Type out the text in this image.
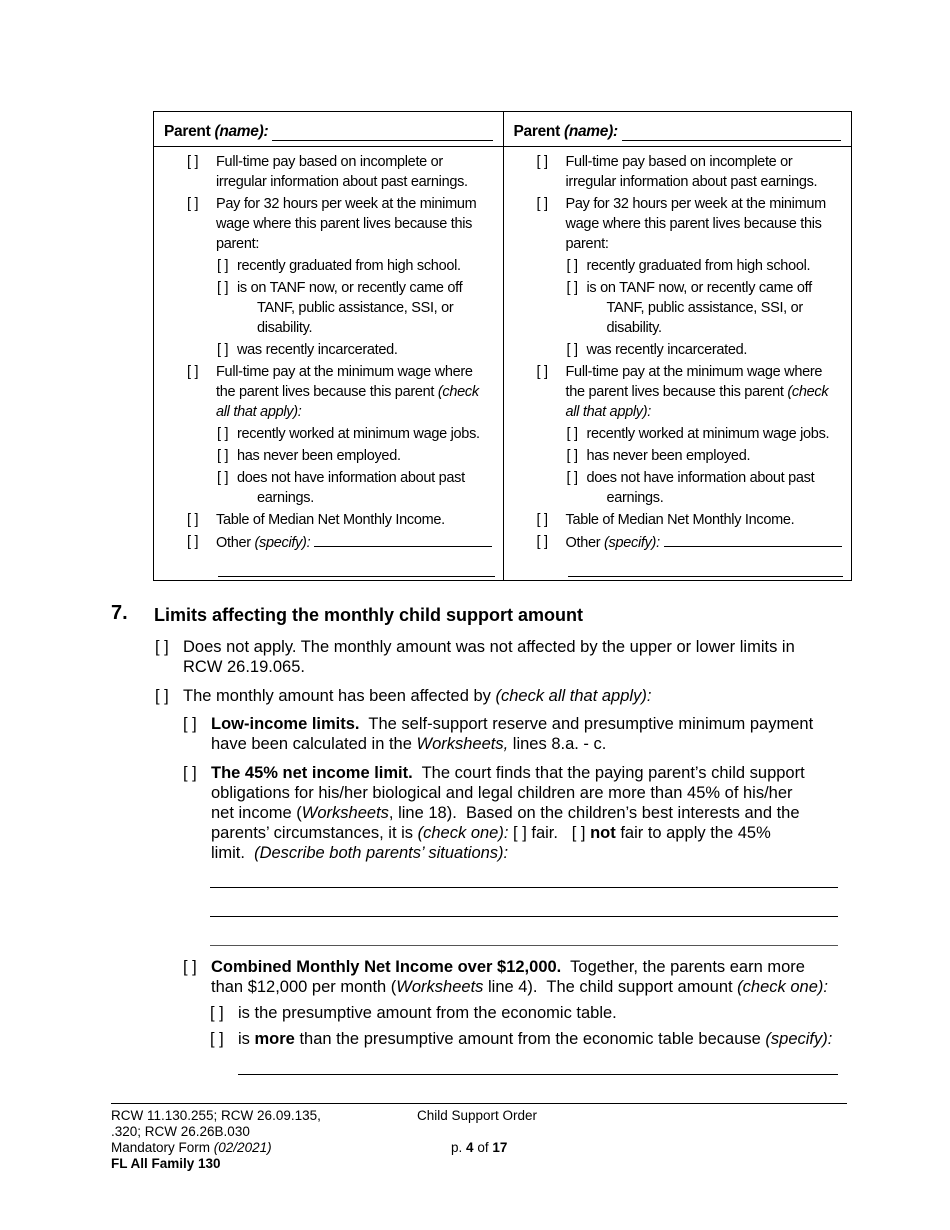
Parent (name):
[ ]	Full-time pay based on incomplete or
irregular information about past earnings.
[ ]	Pay for 32 hours per week at the minimum
wage where this parent lives because this
parent:
[ ] recently graduated from high school.
[ ] is on TANF now, or recently came off
TANF, public assistance, SSI, or
disability.
[ ] was recently incarcerated.
[ ]	Full-time pay at the minimum wage where
the parent lives because this parent (check
all that apply):
[ ] recently worked at minimum wage jobs.
[ ] has never been employed.
[ ] does not have information about past
earnings.
[ ]	Table of Median Net Monthly Income.
[ ]	Other (specify):
Parent (name):
[ ]	Full-time pay based on incomplete or
irregular information about past earnings.
[ ]	Pay for 32 hours per week at the minimum
wage where this parent lives because this
parent:
[ ] recently graduated from high school.
[ ] is on TANF now, or recently came off
TANF, public assistance, SSI, or
disability.
[ ] was recently incarcerated.
[ ]	Full-time pay at the minimum wage where
the parent lives because this parent (check
all that apply):
[ ] recently worked at minimum wage jobs.
[ ] has never been employed.
[ ] does not have information about past
earnings.
[ ]	Table of Median Net Monthly Income.
[ ]	Other (specify):
7. Limits affecting the monthly child support amount
[ ] Does not apply. The monthly amount was not affected by the upper or lower limits in
RCW 26.19.065.
[ ] The monthly amount has been affected by (check all that apply):
[ ] Low-income limits.  The self-support reserve and presumptive minimum payment
have been calculated in the Worksheets, lines 8.a. - c.
[ ] The 45% net income limit.  The court finds that the paying parent’s child support
obligations for his/her biological and legal children are more than 45% of his/her
net income (Worksheets, line 18).  Based on the children’s best interests and the
parents’ circumstances, it is (check one): [ ] fair.   [ ] not fair to apply the 45%
limit.  (Describe both parents’ situations):
[ ] Combined Monthly Net Income over $12,000.  Together, the parents earn more
than $12,000 per month (Worksheets line 4).  The child support amount (check one):
[ ] is the presumptive amount from the economic table.
[ ] is more than the presumptive amount from the economic table because (specify):
RCW 11.130.255; RCW 26.09.135,
.320; RCW 26.26B.030
Mandatory Form (02/2021)
FL All Family 130
Child Support Order
p. 4 of 17
